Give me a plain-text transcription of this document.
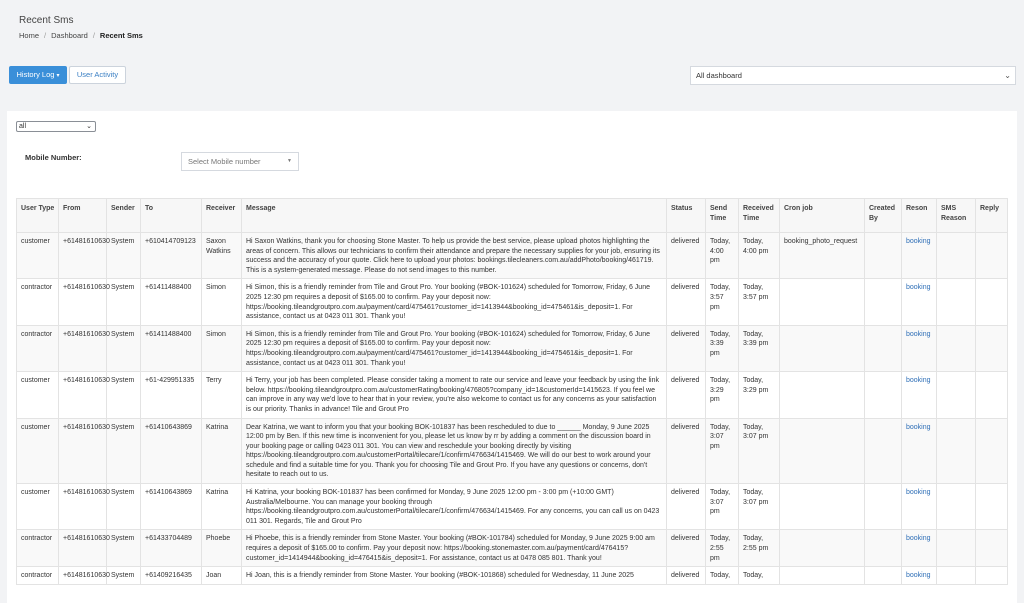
Recent Sms
Home / Dashboard / Recent Sms
History Log ▾	User Activity	All dashboard	⌄
all	⌄
Mobile Number:	Select Mobile number	▼
User Type	From	Sender	To	Receiver	Message	Status	Send Time	Received Time	Cron job	Created By	Reson	SMS Reason	Reply
customer	+61481610630	System	+610414709123	Saxon Watkins	Hi Saxon Watkins, thank you for choosing Stone Master. To help us provide the best service, please upload photos highlighting the areas of concern. This allows our technicians to confirm their attendance and prepare the necessary supplies for your job, ensuring its success and the accuracy of your quote. Click here to upload your photos: bookings.tilecleaners.com.au/addPhoto/booking/461719. This is a system-generated message. Please do not send images to this number.	delivered	Today, 4:00 pm	Today, 4:00 pm	booking_photo_request		booking		
contractor	+61481610630	System	+61411488400	Simon	Hi Simon, this is a friendly reminder from Tile and Grout Pro. Your booking (#BOK-101624) scheduled for Tomorrow, Friday, 6 June 2025 12:30 pm requires a deposit of $165.00 to confirm. Pay your deposit now: https://booking.tileandgroutpro.com.au/payment/card/475461?customer_id=1413944&booking_id=475461&is_deposit=1. For assistance, contact us at 0423 011 301. Thank you!	delivered	Today, 3:57 pm	Today, 3:57 pm			booking		
contractor	+61481610630	System	+61411488400	Simon	Hi Simon, this is a friendly reminder from Tile and Grout Pro. Your booking (#BOK-101624) scheduled for Tomorrow, Friday, 6 June 2025 12:30 pm requires a deposit of $165.00 to confirm. Pay your deposit now: https://booking.tileandgroutpro.com.au/payment/card/475461?customer_id=1413944&booking_id=475461&is_deposit=1. For assistance, contact us at 0423 011 301. Thank you!	delivered	Today, 3:39 pm	Today, 3:39 pm			booking		
customer	+61481610630	System	+61-429951335	Terry	Hi Terry, your job has been completed. Please consider taking a moment to rate our service and leave your feedback by using the link below. https://booking.tileandgroutpro.com.au/customerRating/booking/476805?company_id=1&customerId=1415623. If you feel we can improve in any way we'd love to hear that in your review, you're also welcome to contact us for any concerns as your satisfaction is our priority. Thanks in advance! Tile and Grout Pro	delivered	Today, 3:29 pm	Today, 3:29 pm			booking		
customer	+61481610630	System	+61410643869	Katrina	Dear Katrina, we want to inform you that your booking BOK-101837 has been rescheduled to due to ______ Monday, 9 June 2025 12:00 pm by Ben. If this new time is inconvenient for you, please let us know by rr by adding a comment on the discussion board in your booking page or calling 0423 011 301. You can view and reschedule your booking directly by visiting https://booking.tileandgroutpro.com.au/customerPortal/tilecare/1/confirm/476634/1415469. We will do our best to work around your schedule and find a suitable time for you. Thank you for choosing Tile and Grout Pro. If you have any questions or concerns, don't hesitate to reach out to us.	delivered	Today, 3:07 pm	Today, 3:07 pm			booking		
customer	+61481610630	System	+61410643869	Katrina	Hi Katrina, your booking BOK-101837 has been confirmed for Monday, 9 June 2025 12:00 pm - 3:00 pm (+10:00 GMT) Australia/Melbourne. You can manage your booking through https://booking.tileandgroutpro.com.au/customerPortal/tilecare/1/confirm/476634/1415469. For any concerns, you can call us on 0423 011 301. Regards, Tile and Grout Pro	delivered	Today, 3:07 pm	Today, 3:07 pm			booking		
contractor	+61481610630	System	+61433704489	Phoebe	Hi Phoebe, this is a friendly reminder from Stone Master. Your booking (#BOK-101784) scheduled for Monday, 9 June 2025 9:00 am requires a deposit of $165.00 to confirm. Pay your deposit now: https://booking.stonemaster.com.au/payment/card/476415?customer_id=1414944&booking_id=476415&is_deposit=1. For assistance, contact us at 0478 085 801. Thank you!	delivered	Today, 2:55 pm	Today, 2:55 pm			booking		
contractor	+61481610630	System	+61409216435	Joan	Hi Joan, this is a friendly reminder from Stone Master. Your booking (#BOK-101868) scheduled for Wednesday, 11 June 2025	delivered	Today,	Today,			booking		
